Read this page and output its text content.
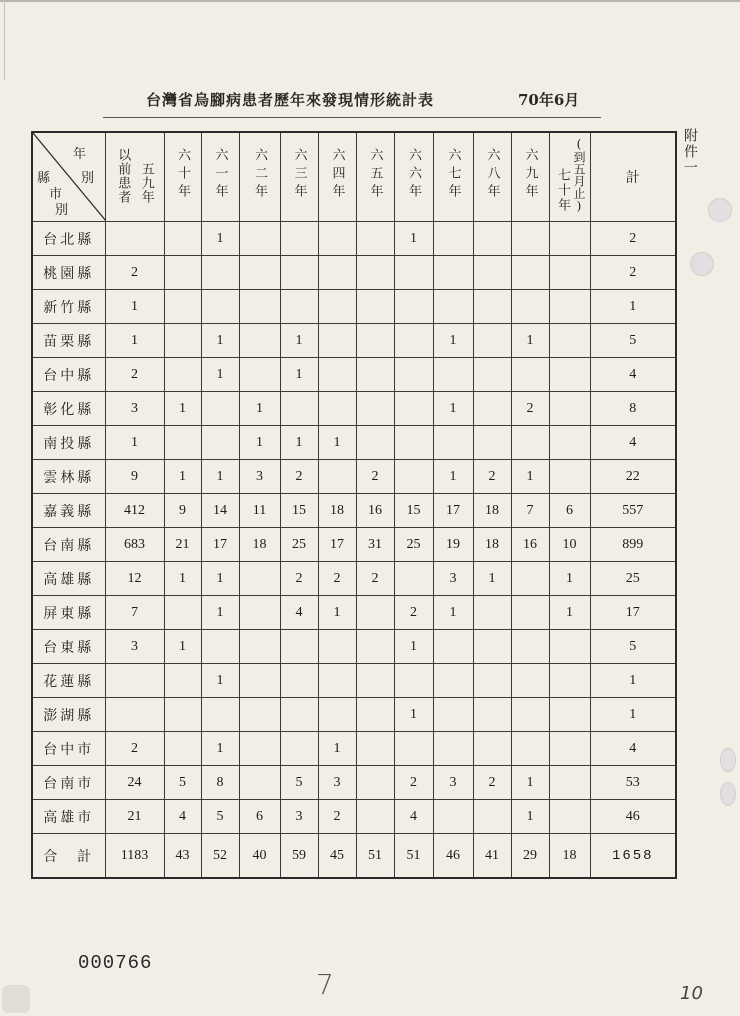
台灣省烏腳病患者歷年來發現情形統計表	70年6月
附件一
年
別
縣
市
別	以前患者 五九年	六十年	六一年	六二年	六三年	六四年	六五年	六六年	六七年	六八年	六九年	七十年 (到五月止)	計
台北縣			1					1					2
桃園縣	2												2
新竹縣	1												1
苗栗縣	1		1		1				1		1		5
台中縣	2		1		1								4
彰化縣	3	1		1					1		2		8
南投縣	1			1	1	1							4
雲林縣	9	1	1	3	2		2		1	2	1		22
嘉義縣	412	9	14	11	15	18	16	15	17	18	7	6	557
台南縣	683	21	17	18	25	17	31	25	19	18	16	10	899
高雄縣	12	1	1		2	2	2		3	1		1	25
屏東縣	7		1		4	1		2	1			1	17
台東縣	3	1						1					5
花蓮縣			1										1
澎湖縣								1					1
台中市	2		1			1							4
台南市	24	5	8		5	3		2	3	2	1		53
高雄市	21	4	5	6	3	2		4			1		46
合　計	1183	43	52	40	59	45	51	51	46	41	29	18	1658
000766
7	10
